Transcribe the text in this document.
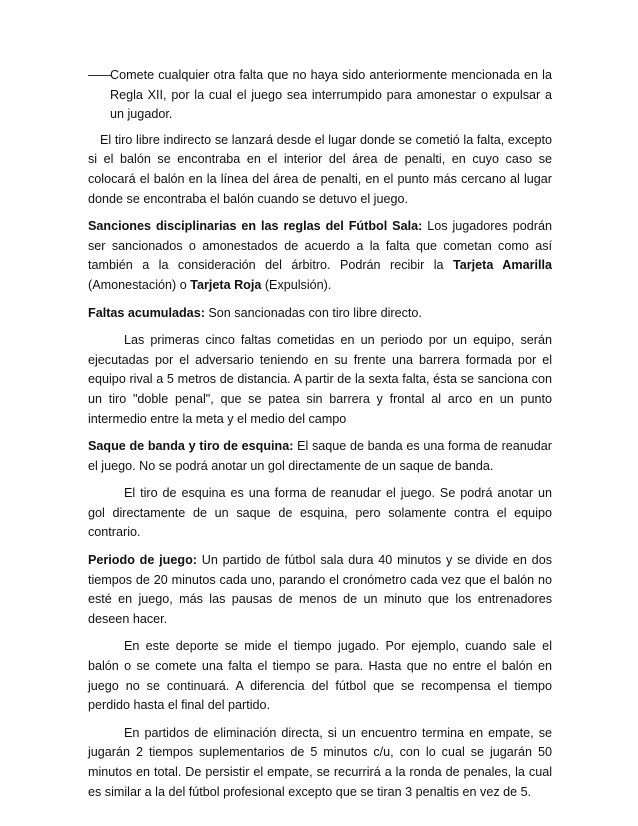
——
Comete cualquier otra falta que no haya sido anteriormente mencionada en la Regla XII, por la cual el juego sea interrumpido para amonestar o expulsar a un jugador.

El tiro libre indirecto se lanzará desde el lugar donde se cometió la falta, excepto si el balón se encontraba en el interior del área de penalti, en cuyo caso se colocará el balón en la línea del área de penalti, en el punto más cercano al lugar donde se encontraba el balón cuando se detuvo el juego.

Sanciones disciplinarias en las reglas del Fútbol Sala: Los jugadores podrán ser sancionados o amonestados de acuerdo a la falta que cometan como así también a la consideración del árbitro. Podrán recibir la Tarjeta Amarilla (Amonestación) o Tarjeta Roja (Expulsión).

Faltas acumuladas: Son sancionadas con tiro libre directo.

Las primeras cinco faltas cometidas en un periodo por un equipo, serán ejecutadas por el adversario teniendo en su frente una barrera formada por el equipo rival a 5 metros de distancia. A partir de la sexta falta, ésta se sanciona con un tiro "doble penal", que se patea sin barrera y frontal al arco en un punto intermedio entre la meta y el medio del campo

Saque de banda y tiro de esquina: El saque de banda es una forma de reanudar el juego. No se podrá anotar un gol directamente de un saque de banda.

El tiro de esquina es una forma de reanudar el juego. Se podrá anotar un gol directamente de un saque de esquina, pero solamente contra el equipo contrario.

Periodo de juego: Un partido de fútbol sala dura 40 minutos y se divide en dos tiempos de 20 minutos cada uno, parando el cronómetro cada vez que el balón no esté en juego, más las pausas de menos de un minuto que los entrenadores deseen hacer.

En este deporte se mide el tiempo jugado. Por ejemplo, cuando sale el balón o se comete una falta el tiempo se para. Hasta que no entre el balón en juego no se continuará. A diferencia del fútbol que se recompensa el tiempo perdido hasta el final del partido.

En partidos de eliminación directa, si un encuentro termina en empate, se jugarán 2 tiempos suplementarios de 5 minutos c/u, con lo cual se jugarán 50 minutos en total. De persistir el empate, se recurrirá a la ronda de penales, la cual es similar a la del fútbol profesional excepto que se tiran 3 penaltis en vez de 5.
